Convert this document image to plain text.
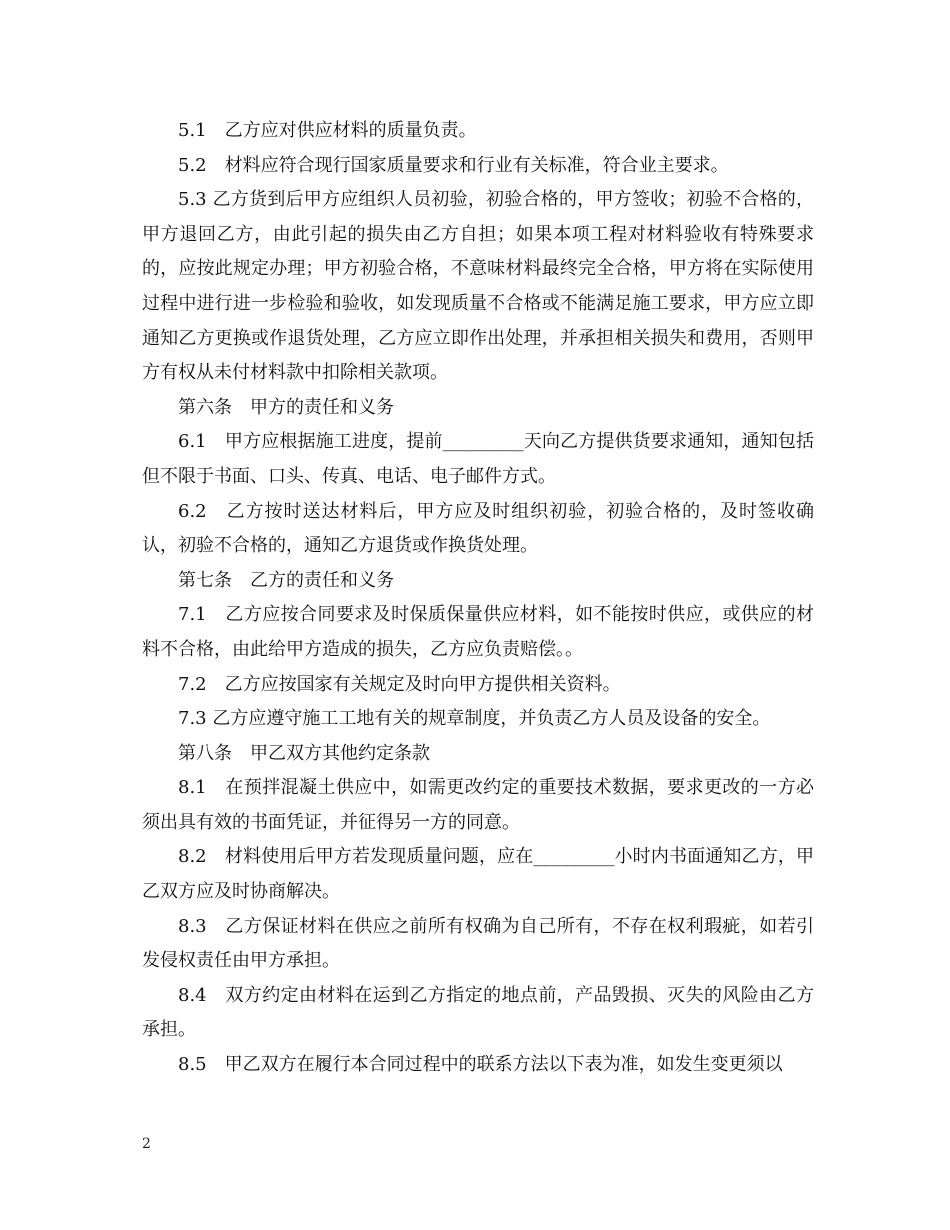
5.1　乙方应对供应材料的质量负责。

5.2　材料应符合现行国家质量要求和行业有关标准，符合业主要求。

5.3 乙方货到后甲方应组织人员初验，初验合格的，甲方签收；初验不合格的，甲方退回乙方，由此引起的损失由乙方自担；如果本项工程对材料验收有特殊要求的，应按此规定办理；甲方初验合格，不意味材料最终完全合格，甲方将在实际使用过程中进行进一步检验和验收，如发现质量不合格或不能满足施工要求，甲方应立即通知乙方更换或作退货处理，乙方应立即作出处理，并承担相关损失和费用，否则甲方有权从未付材料款中扣除相关款项。

第六条　甲方的责任和义务

6.1　甲方应根据施工进度，提前_________天向乙方提供货要求通知，通知包括但不限于书面、口头、传真、电话、电子邮件方式。

6.2　乙方按时送达材料后，甲方应及时组织初验，初验合格的，及时签收确认，初验不合格的，通知乙方退货或作换货处理。

第七条　乙方的责任和义务

7.1　乙方应按合同要求及时保质保量供应材料，如不能按时供应，或供应的材料不合格，由此给甲方造成的损失，乙方应负责赔偿。。

7.2　乙方应按国家有关规定及时向甲方提供相关资料。

7.3 乙方应遵守施工工地有关的规章制度，并负责乙方人员及设备的安全。

第八条　甲乙双方其他约定条款

8.1　在预拌混凝土供应中，如需更改约定的重要技术数据，要求更改的一方必须出具有效的书面凭证，并征得另一方的同意。

8.2　材料使用后甲方若发现质量问题，应在_________小时内书面通知乙方，甲乙双方应及时协商解决。

8.3　乙方保证材料在供应之前所有权确为自己所有，不存在权利瑕疵，如若引发侵权责任由甲方承担。

8.4　双方约定由材料在运到乙方指定的地点前，产品毁损、灭失的风险由乙方承担。

8.5　甲乙双方在履行本合同过程中的联系方法以下表为准，如发生变更须以

2
